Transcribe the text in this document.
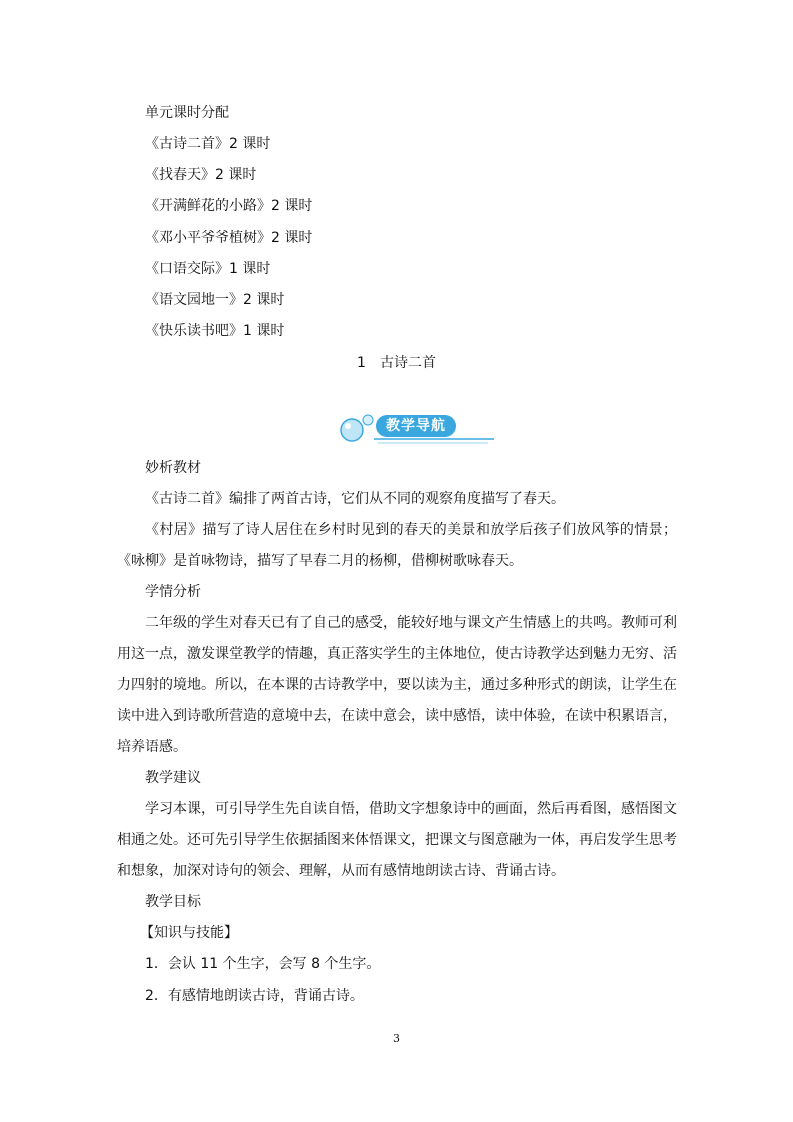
单元课时分配
《古诗二首》2 课时
《找春天》2 课时
《开满鲜花的小路》2 课时
《邓小平爷爷植树》2 课时
《口语交际》1 课时
《语文园地一》2 课时
《快乐读书吧》1 课时
1　古诗二首
教学导航
妙析教材
《古诗二首》编排了两首古诗，它们从不同的观察角度描写了春天。
《村居》描写了诗人居住在乡村时见到的春天的美景和放学后孩子们放风筝的情景；《咏柳》是首咏物诗，描写了早春二月的杨柳，借柳树歌咏春天。
学情分析
二年级的学生对春天已有了自己的感受，能较好地与课文产生情感上的共鸣。教师可利用这一点，激发课堂教学的情趣，真正落实学生的主体地位，使古诗教学达到魅力无穷、活力四射的境地。所以，在本课的古诗教学中，要以读为主，通过多种形式的朗读，让学生在读中进入到诗歌所营造的意境中去，在读中意会，读中感悟，读中体验，在读中积累语言，培养语感。
教学建议
学习本课，可引导学生先自读自悟，借助文字想象诗中的画面，然后再看图，感悟图文相通之处。还可先引导学生依据插图来体悟课文，把课文与图意融为一体，再启发学生思考和想象，加深对诗句的领会、理解，从而有感情地朗读古诗、背诵古诗。
教学目标
【知识与技能】
1．会认 11 个生字，会写 8 个生字。
2．有感情地朗读古诗，背诵古诗。
3
